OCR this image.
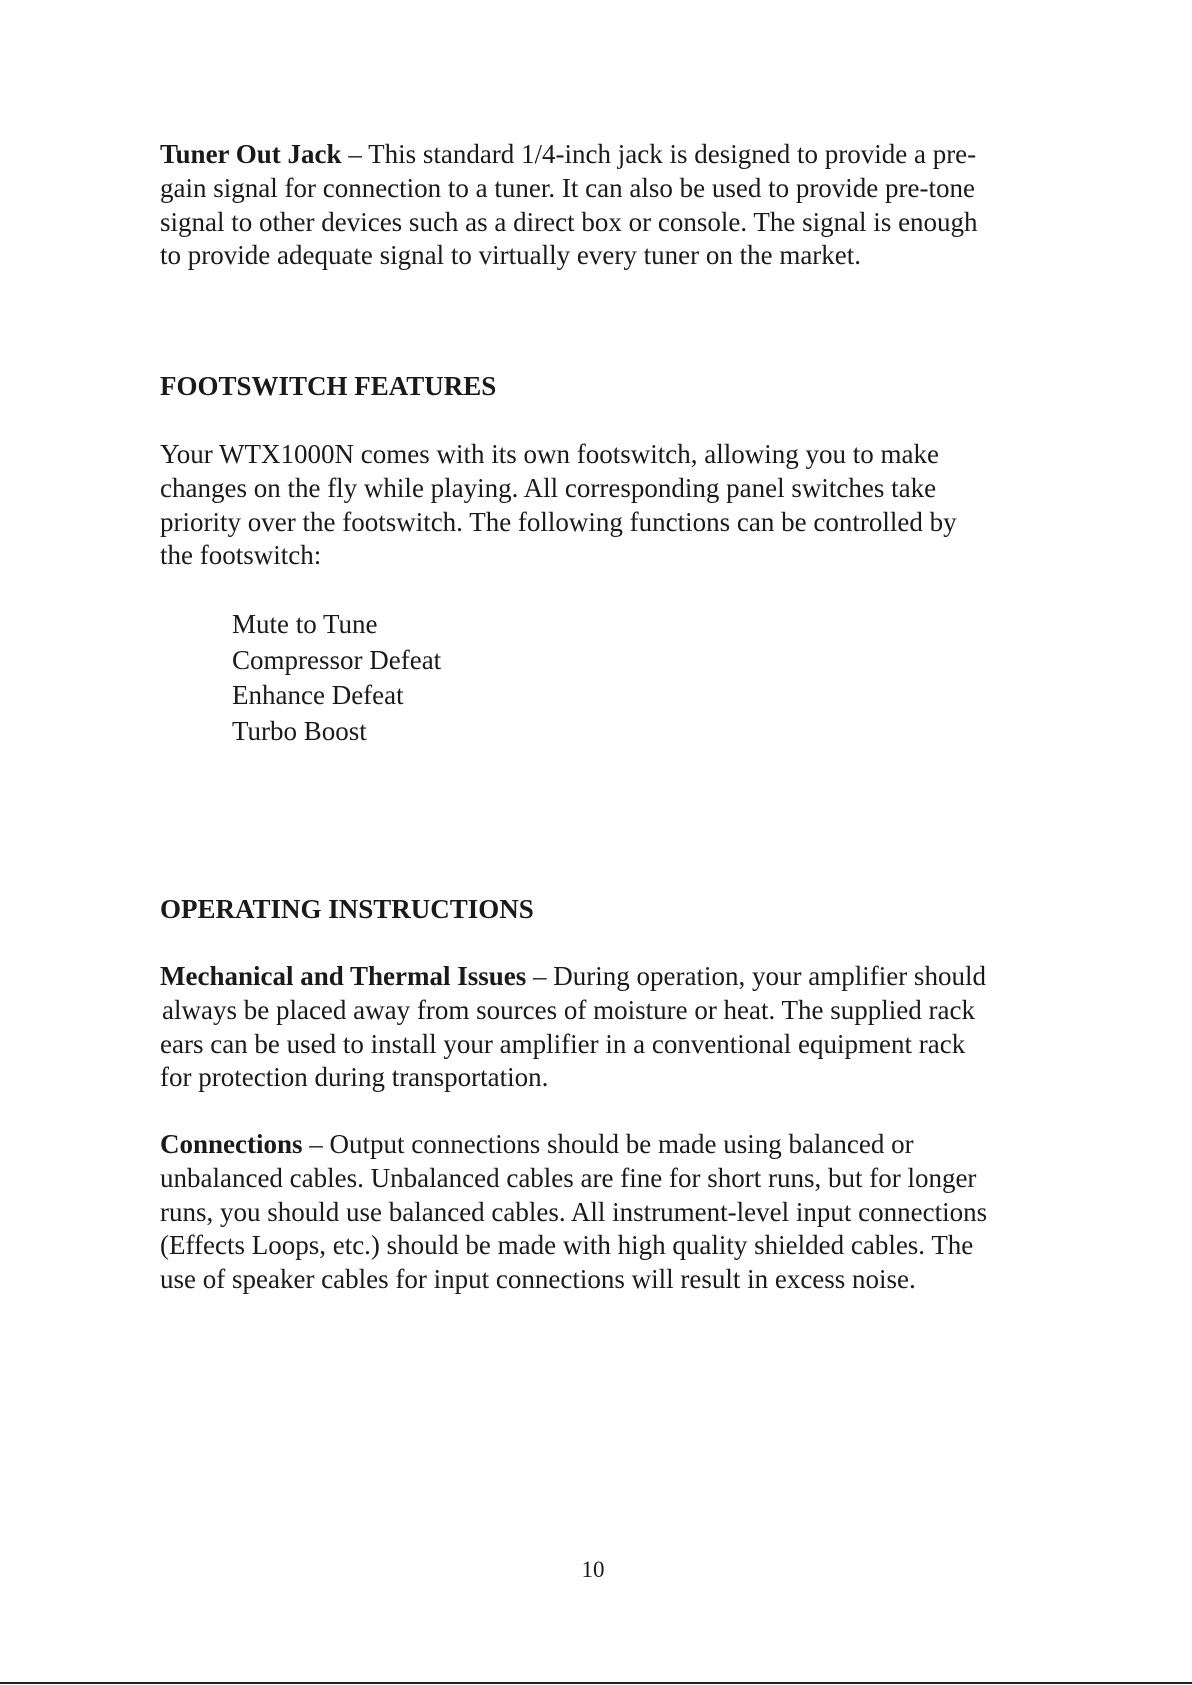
Tuner Out Jack – This standard 1/4-inch jack is designed to provide a pre-
gain signal for connection to a tuner. It can also be used to provide pre-tone
signal to other devices such as a direct box or console. The signal is enough
to provide adequate signal to virtually every tuner on the market.

FOOTSWITCH FEATURES

Your WTX1000N comes with its own footswitch, allowing you to make
changes on the fly while playing. All corresponding panel switches take
priority over the footswitch. The following functions can be controlled by
the footswitch:

Mute to Tune
Compressor Defeat
Enhance Defeat
Turbo Boost
OPERATING INSTRUCTIONS

Mechanical and Thermal Issues – During operation, your amplifier should
always be placed away from sources of moisture or heat. The supplied rack
ears can be used to install your amplifier in a conventional equipment rack
for protection during transportation.

Connections – Output connections should be made using balanced or
unbalanced cables. Unbalanced cables are fine for short runs, but for longer
runs, you should use balanced cables. All instrument-level input connections
(Effects Loops, etc.) should be made with high quality shielded cables. The
use of speaker cables for input connections will result in excess noise.

10
